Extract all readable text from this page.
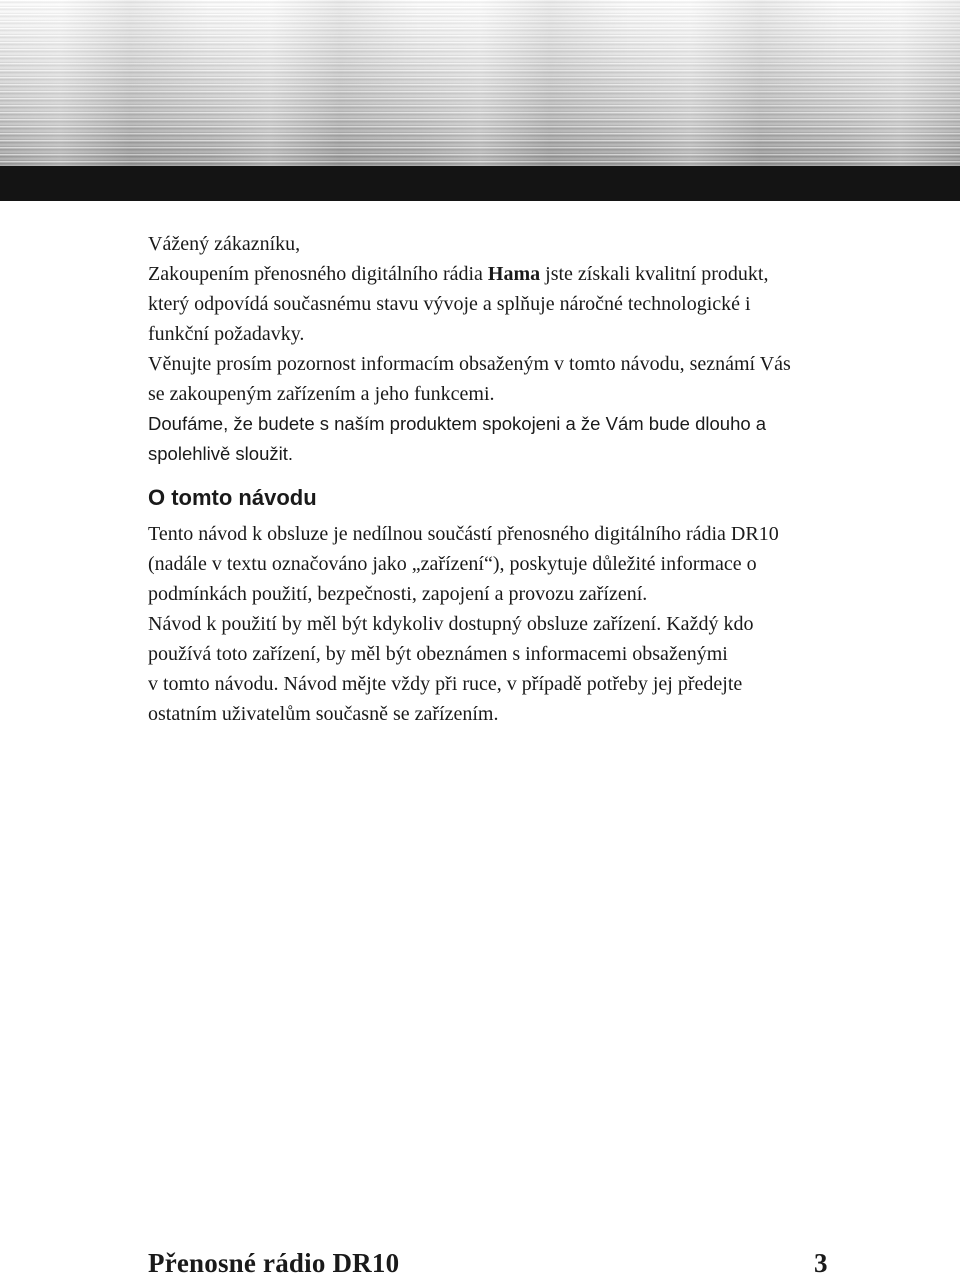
Vážený zákazníku,

Zakoupením přenosného digitálního rádia Hama jste získali kvalitní produkt,

který odpovídá současnému stavu vývoje a splňuje náročné technologické i

funkční požadavky.

Věnujte prosím pozornost informacím obsaženým v tomto návodu, seznámí Vás

se zakoupeným zařízením a jeho funkcemi.

Doufáme, že budete s naším produktem spokojeni a že Vám bude dlouho a

spolehlivě sloužit.

O tomto návodu

Tento návod k obsluze je nedílnou součástí přenosného digitálního rádia DR10

(nadále v textu označováno jako „zařízení“), poskytuje důležité informace o

podmínkách použití, bezpečnosti, zapojení a provozu zařízení.

Návod k použití by měl být kdykoliv dostupný obsluze zařízení. Každý kdo

používá toto zařízení, by měl být obeznámen s informacemi obsaženými

v tomto návodu. Návod mějte vždy při ruce, v případě potřeby jej předejte

ostatním uživatelům současně se zařízením.

Přenosné rádio DR10	3
